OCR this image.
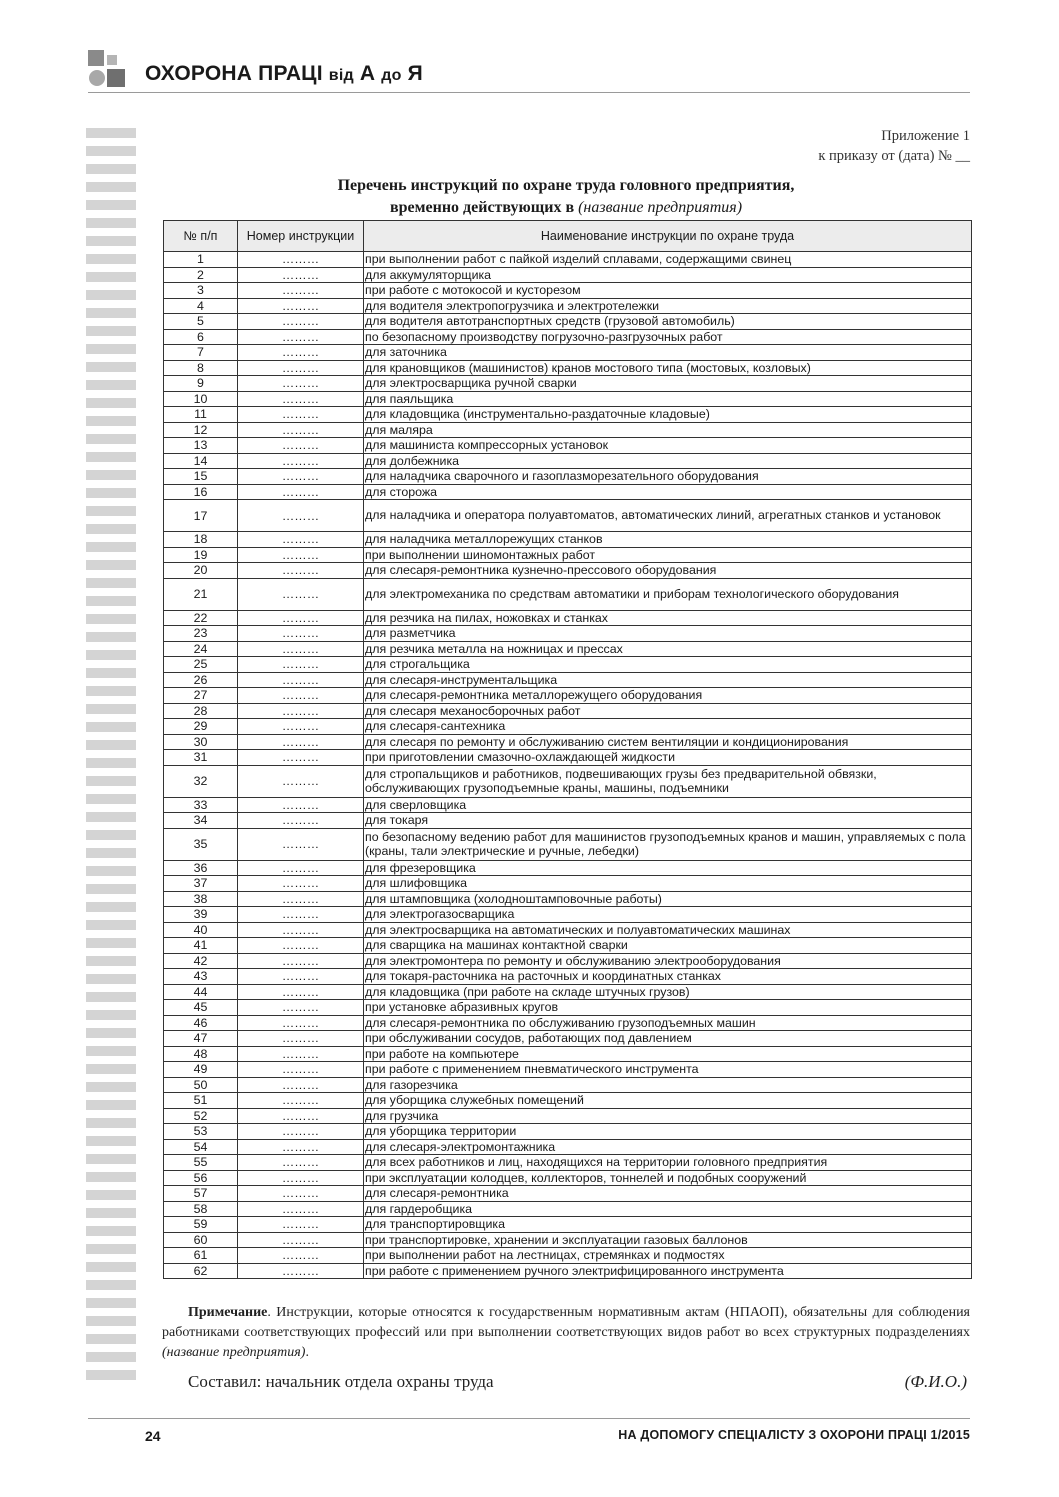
ОХОРОНА ПРАЦІ від А до Я
Приложение 1
к приказу от (дата) № __
Перечень инструкций по охране труда головного предприятия,
временно действующих в (название предприятия)
№ п/п	Номер инструкции	Наименование инструкции по охране труда
1	………	при выполнении работ с пайкой изделий сплавами, содержащими свинец
2	………	для аккумуляторщика
3	………	при работе с мотокосой и кусторезом
4	………	для водителя электропогрузчика и электротележки
5	………	для водителя автотранспортных средств (грузовой автомобиль)
6	………	по безопасному производству погрузочно-разгрузочных работ
7	………	для заточника
8	………	для крановщиков (машинистов) кранов мостового типа (мостовых, козловых)
9	………	для электросварщика ручной сварки
10	………	для паяльщика
11	………	для кладовщика (инструментально-раздаточные кладовые)
12	………	для маляра
13	………	для машиниста компрессорных установок
14	………	для долбежника
15	………	для наладчика сварочного и газоплазморезательного оборудования
16	………	для сторожа
17	………	для наладчика и оператора полуавтоматов, автоматических линий, агрегатных станков и установок
18	………	для наладчика металлорежущих станков
19	………	при выполнении шиномонтажных работ
20	………	для слесаря-ремонтника кузнечно-прессового оборудования
21	………	для электромеханика по средствам автоматики и приборам технологического оборудования
22	………	для резчика на пилах, ножовках и станках
23	………	для разметчика
24	………	для резчика металла на ножницах и прессах
25	………	для строгальщика
26	………	для слесаря-инструментальщика
27	………	для слесаря-ремонтника металлорежущего оборудования
28	………	для слесаря механосборочных работ
29	………	для слесаря-сантехника
30	………	для слесаря по ремонту и обслуживанию систем вентиляции и кондиционирования
31	………	при приготовлении смазочно-охлаждающей жидкости
32	………	для стропальщиков и работников, подвешивающих грузы без предварительной обвязки, обслуживающих грузоподъемные краны, машины, подъемники
33	………	для сверловщика
34	………	для токаря
35	………	по безопасному ведению работ для машинистов грузоподъемных кранов и машин, управляемых с пола (краны, тали электрические и ручные, лебедки)
36	………	для фрезеровщика
37	………	для шлифовщика
38	………	для штамповщика (холодноштамповочные работы)
39	………	для электрогазосварщика
40	………	для электросварщика на автоматических и полуавтоматических машинах
41	………	для сварщика на машинах контактной сварки
42	………	для электромонтера по ремонту и обслуживанию электрооборудования
43	………	для токаря-расточника на расточных и координатных станках
44	………	для кладовщика (при работе на складе штучных грузов)
45	………	при установке абразивных кругов
46	………	для слесаря-ремонтника по обслуживанию грузоподъемных машин
47	………	при обслуживании сосудов, работающих под давлением
48	………	при работе на компьютере
49	………	при работе с применением пневматического инструмента
50	………	для газорезчика
51	………	для уборщика служебных помещений
52	………	для грузчика
53	………	для уборщика территории
54	………	для слесаря-электромонтажника
55	………	для всех работников и лиц, находящихся на территории головного предприятия
56	………	при эксплуатации колодцев, коллекторов, тоннелей и подобных сооружений
57	………	для слесаря-ремонтника
58	………	для гардеробщика
59	………	для транспортировщика
60	………	при транспортировке, хранении и эксплуатации газовых баллонов
61	………	при выполнении работ на лестницах, стремянках и подмостях
62	………	при работе с применением ручного электрифицированного инструмента
Примечание. Инструкции, которые относятся к государственным нормативным актам (НПАОП), обязательны для соблюдения работниками соответствующих профессий или при выполнении соответствующих видов работ во всех структурных подразделениях (название предприятия).
Составил: начальник отдела охраны труда	(Ф.И.О.)
24	НА ДОПОМОГУ СПЕЦІАЛІСТУ З ОХОРОНИ ПРАЦІ 1/2015
